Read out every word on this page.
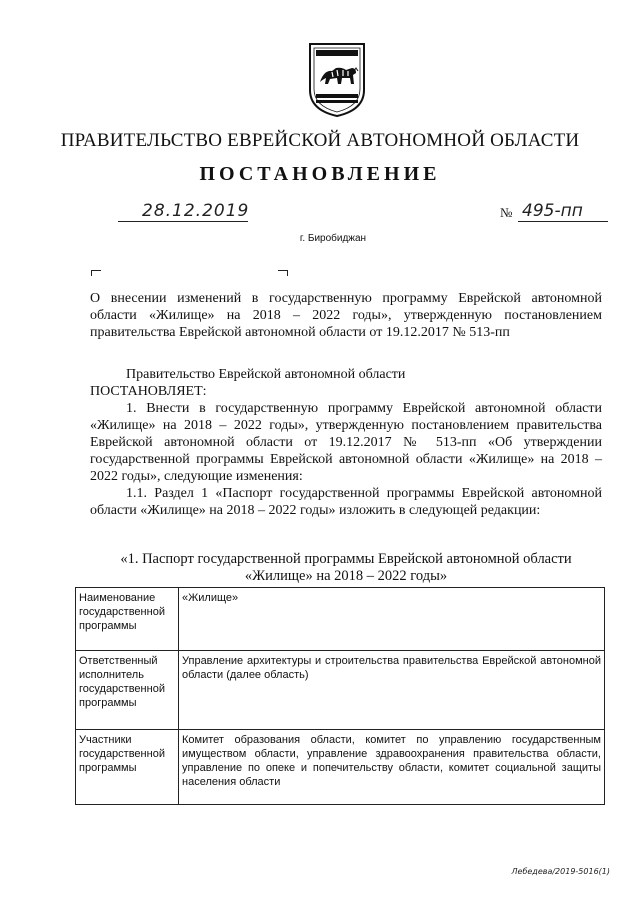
ПРАВИТЕЛЬСТВО ЕВРЕЙСКОЙ АВТОНОМНОЙ ОБЛАСТИ
ПОСТАНОВЛЕНИЕ
28.12.2019	№ 495-пп
г. Биробиджан
О внесении изменений в государственную программу Еврейской автономной области «Жилище» на 2018 – 2022 годы», утвержденную постановлением правительства Еврейской автономной области от 19.12.2017 № 513-пп

Правительство Еврейской автономной области

ПОСТАНОВЛЯЕТ:

1. Внести в государственную программу Еврейской автономной области «Жилище» на 2018 – 2022 годы», утвержденную постановлением правительства Еврейской автономной области от 19.12.2017 № 513-пп «Об утверждении государственной программы Еврейской автономной области «Жилище» на 2018 – 2022 годы», следующие изменения:

1.1. Раздел 1 «Паспорт государственной программы Еврейской автономной области «Жилище» на 2018 – 2022 годы» изложить в следующей редакции:

«1. Паспорт государственной программы Еврейской автономной области «Жилище» на 2018 – 2022 годы»
Наименование государственной программы	«Жилище»
Ответственный исполнитель государственной программы	Управление архитектуры и строительства правительства Еврейской автономной области (далее область)
Участники государственной программы	Комитет образования области, комитет по управлению государственным имуществом области, управление здравоохранения правительства области, управление по опеке и попечительству области, комитет социальной защиты населения области
Лебедева/2019-5016(1)
